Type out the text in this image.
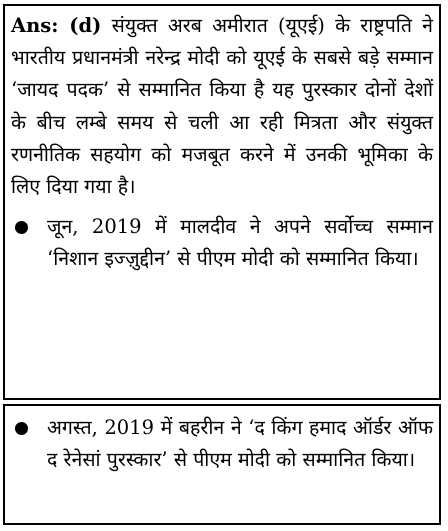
Ans: (d) संयुक्त अरब अमीरात (यूएई) के राष्ट्रपति ने भारतीय प्रधानमंत्री नरेन्द्र मोदी को यूएई के सबसे बड़े सम्मान ‘जायद पदक’ से सम्मानित किया है यह पुरस्कार दोनों देशों के बीच लम्बे समय से चली आ रही मित्रता और संयुक्त रणनीतिक सहयोग को मजबूत करने में उनकी भूमिका के लिए दिया गया है।

जून, 2019 में मालदीव ने अपने सर्वोच्च सम्मान ‘निशान इज्ज़ुद्दीन’ से पीएम मोदी को सम्मानित किया।

अगस्त, 2019 में बहरीन ने ‘द किंग हमाद ऑर्डर ऑफ द रेनेसां पुरस्कार’ से पीएम मोदी को सम्मानित किया।
